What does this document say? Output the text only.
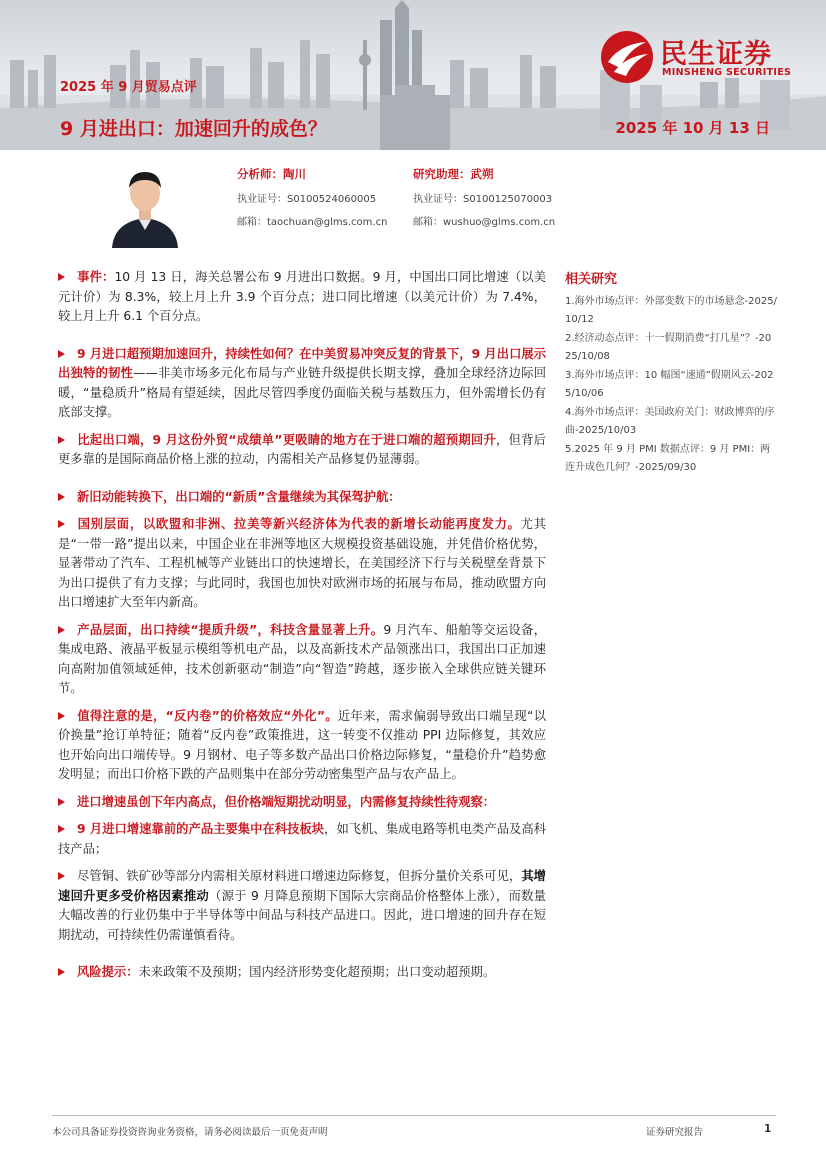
民生证券
MINSHENG SECURITIES
2025 年 9 月贸易点评
9 月进出口：加速回升的成色？	2025 年 10 月 13 日
分析师：陶川
执业证号：S0100524060005
邮箱：taochuan@glms.com.cn
研究助理：武朔
执业证号：S0100125070003
邮箱：wushuo@glms.com.cn

事件：10 月 13 日，海关总署公布 9 月进出口数据。9 月，中国出口同比增速（以美元计价）为 8.3%，较上月上升 3.9 个百分点；进口同比增速（以美元计价）为 7.4%，较上月上升 6.1 个百分点。

9 月进口超预期加速回升，持续性如何？在中美贸易冲突反复的背景下，9 月出口展示出独特的韧性——非美市场多元化布局与产业链升级提供长期支撑，叠加全球经济边际回暖，“量稳质升”格局有望延续，因此尽管四季度仍面临关税与基数压力，但外需增长仍有底部支撑。

比起出口端，9 月这份外贸“成绩单”更吸睛的地方在于进口端的超预期回升，但背后更多靠的是国际商品价格上涨的拉动，内需相关产品修复仍显薄弱。

新旧动能转换下，出口端的“新质”含量继续为其保驾护航：

国别层面，以欧盟和非洲、拉美等新兴经济体为代表的新增长动能再度发力。尤其是“一带一路”提出以来，中国企业在非洲等地区大规模投资基础设施，并凭借价格优势，显著带动了汽车、工程机械等产业链出口的快速增长，在美国经济下行与关税壁垒背景下为出口提供了有力支撑；与此同时，我国也加快对欧洲市场的拓展与布局，推动欧盟方向出口增速扩大至年内新高。

产品层面，出口持续“提质升级”，科技含量显著上升。9 月汽车、船舶等交运设备，集成电路、液晶平板显示模组等机电产品，以及高新技术产品领涨出口，我国出口正加速向高附加值领域延伸，技术创新驱动“制造”向“智造”跨越，逐步嵌入全球供应链关键环节。

值得注意的是，“反内卷”的价格效应“外化”。近年来，需求偏弱导致出口端呈现“以价换量”抢订单特征；随着“反内卷”政策推进，这一转变不仅推动 PPI 边际修复，其效应也开始向出口端传导。9 月钢材、电子等多数产品出口价格边际修复，“量稳价升”趋势愈发明显；而出口价格下跌的产品则集中在部分劳动密集型产品与农产品上。

进口增速虽创下年内高点，但价格端短期扰动明显，内需修复持续性待观察：

9 月进口增速靠前的产品主要集中在科技板块，如飞机、集成电路等机电类产品及高科技产品；

尽管铜、铁矿砂等部分内需相关原材料进口增速边际修复，但拆分量价关系可见，其增速回升更多受价格因素推动（源于 9 月降息预期下国际大宗商品价格整体上涨），而数量大幅改善的行业仍集中于半导体等中间品与科技产品进口。因此，进口增速的回升存在短期扰动，可持续性仍需谨慎看待。

风险提示：未来政策不及预期；国内经济形势变化超预期；出口变动超预期。

相关研究
1.海外市场点评：外部变数下的市场悬念-2025/10/12
2.经济动态点评：十一假期消费“打几星”？-2025/10/08
3.海外市场点评：10 幅图“速通”假期风云-2025/10/06
4.海外市场点评：美国政府关门：财政博弈的序曲-2025/10/03
5.2025 年 9 月 PMI 数据点评：9 月 PMI：两连升成色几何？-2025/09/30
本公司具备证券投资咨询业务资格，请务必阅读最后一页免责声明	证券研究报告	1
